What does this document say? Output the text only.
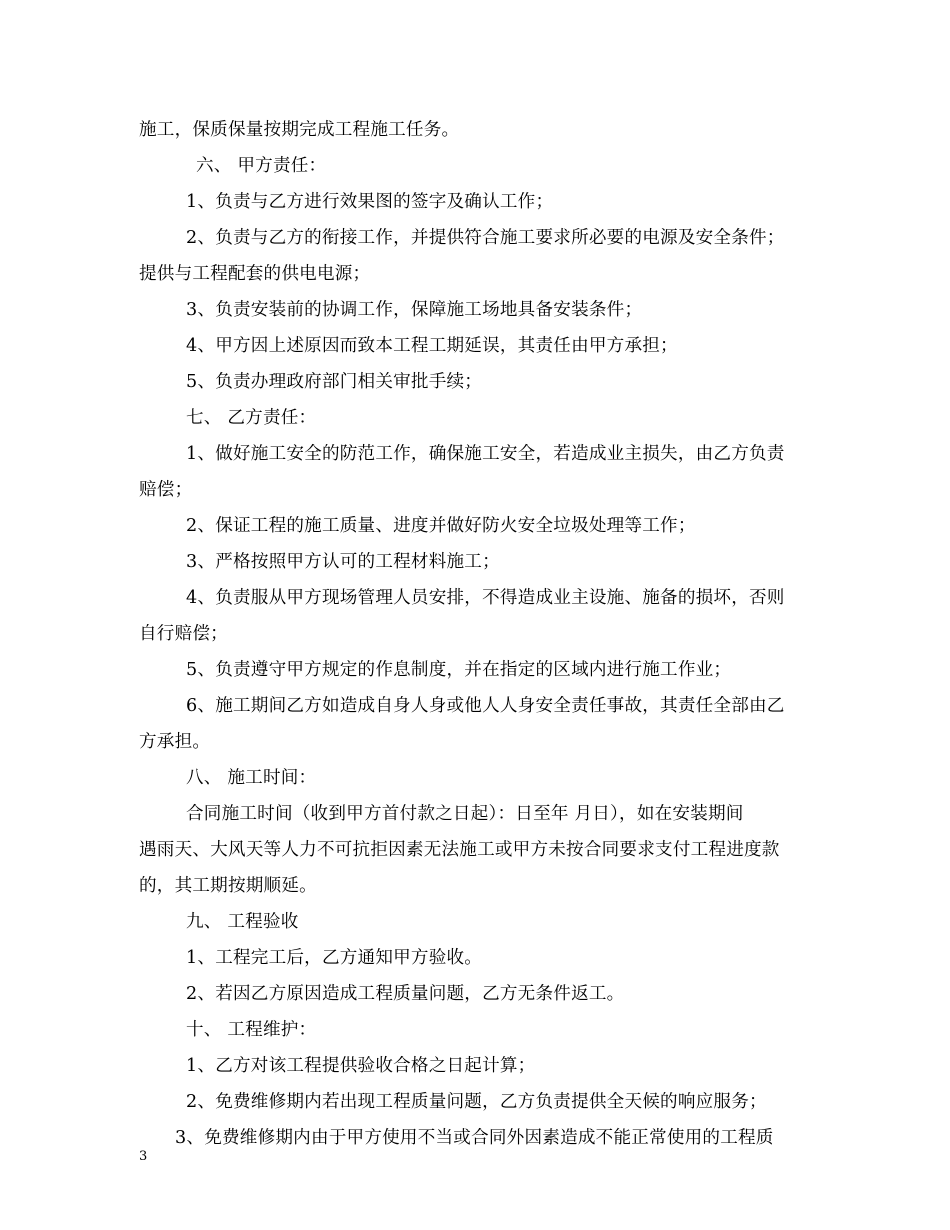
施工，保质保量按期完成工程施工任务。
六、 甲方责任：
1、负责与乙方进行效果图的签字及确认工作；
2、负责与乙方的衔接工作，并提供符合施工要求所必要的电源及安全条件；
提供与工程配套的供电电源；
3、负责安装前的协调工作，保障施工场地具备安装条件；
4、甲方因上述原因而致本工程工期延误，其责任由甲方承担；
5、负责办理政府部门相关审批手续；
七、 乙方责任：
1、做好施工安全的防范工作，确保施工安全，若造成业主损失，由乙方负责
赔偿；
2、保证工程的施工质量、进度并做好防火安全垃圾处理等工作；
3、严格按照甲方认可的工程材料施工；
4、负责服从甲方现场管理人员安排，不得造成业主设施、施备的损坏，否则
自行赔偿；
5、负责遵守甲方规定的作息制度，并在指定的区域内进行施工作业；
6、施工期间乙方如造成自身人身或他人人身安全责任事故，其责任全部由乙
方承担。
八、 施工时间：
合同施工时间（收到甲方首付款之日起）：日至年 月日），如在安装期间
遇雨天、大风天等人力不可抗拒因素无法施工或甲方未按合同要求支付工程进度款
的，其工期按期顺延。
九、 工程验收
1、工程完工后，乙方通知甲方验收。
2、若因乙方原因造成工程质量问题，乙方无条件返工。
十、 工程维护：
1、乙方对该工程提供验收合格之日起计算；
2、免费维修期内若出现工程质量问题，乙方负责提供全天候的响应服务；
3、免费维修期内由于甲方使用不当或合同外因素造成不能正常使用的工程质
3
